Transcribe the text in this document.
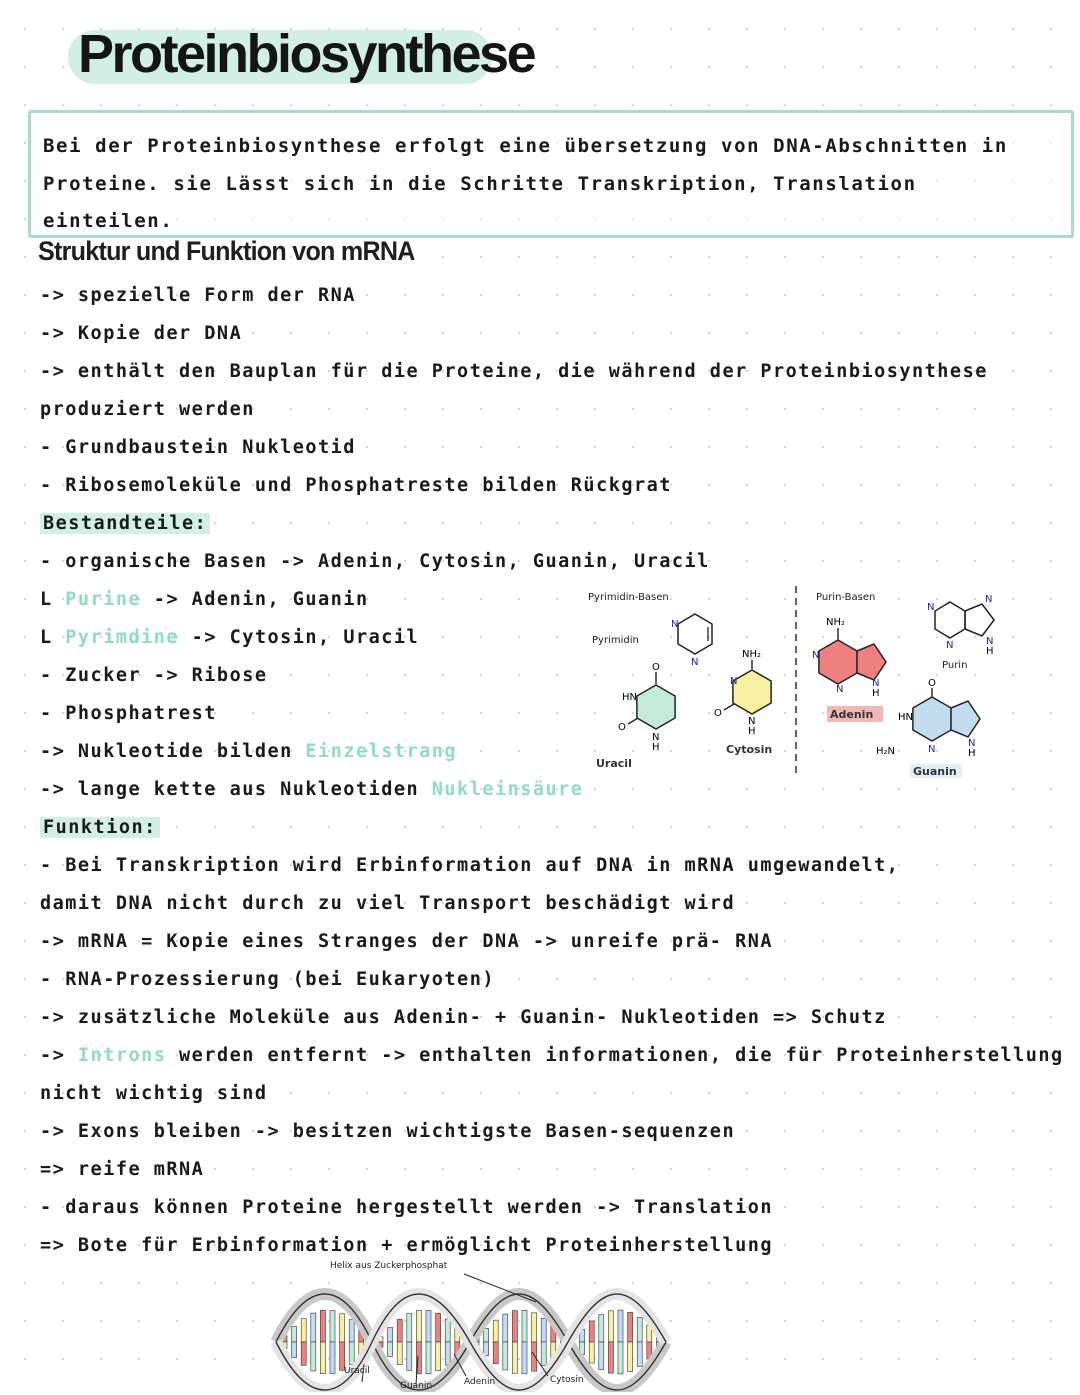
Proteinbiosynthese
Bei der Proteinbiosynthese erfolgt eine übersetzung von DNA-Abschnitten in
Proteine. sie Lässt sich in die Schritte Transkription, Translation
einteilen.
Struktur und Funktion von mRNA
-> spezielle Form der RNA
-> Kopie der DNA
-> enthält den Bauplan für die Proteine, die während der Proteinbiosynthese
produziert werden
- Grundbaustein Nukleotid
- Ribosemoleküle und Phosphatreste bilden Rückgrat
Bestandteile:
- organische Basen -> Adenin, Cytosin, Guanin, Uracil
L Purine -> Adenin, Guanin
L Pyrimdine -> Cytosin, Uracil
- Zucker -> Ribose
- Phosphatrest
-> Nukleotide bilden Einzelstrang
-> lange kette aus Nukleotiden Nukleinsäure
Funktion:
- Bei Transkription wird Erbinformation auf DNA in mRNA umgewandelt,
damit DNA nicht durch zu viel Transport beschädigt wird
-> mRNA = Kopie eines Stranges der DNA -> unreife prä- RNA
- RNA-Prozessierung (bei Eukaryoten)
-> zusätzliche Moleküle aus Adenin- + Guanin- Nukleotiden => Schutz
-> Introns werden entfernt -> enthalten informationen, die für Proteinherstellung
nicht wichtig sind
-> Exons bleiben -> besitzen wichtigste Basen-sequenzen
=> reife mRNA
- daraus können Proteine hergestellt werden -> Translation
=> Bote für Erbinformation + ermöglicht Proteinherstellung
Pyrimidin-Basen	Purin-Basen
Pyrimidin
Purin
N
N
O
O
HN
N
H
Uracil
NH₂
O
N
N
H
Cytosin
N
N
N	N
H
NH₂
N
N
N
H
Adenin
O
HN
H₂N	N
N
H
Guanin
Helix aus Zuckerphosphat
Uracil
Guanin	Adenin	Cytosin
